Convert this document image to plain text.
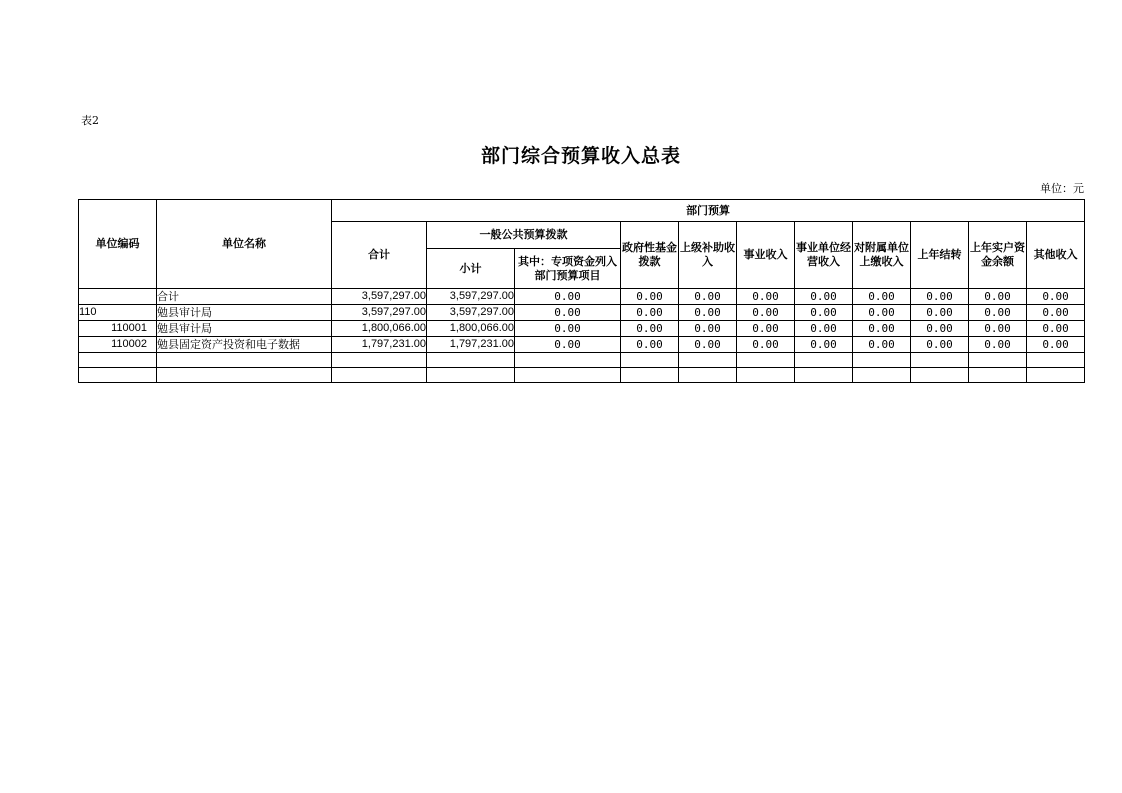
表2
部门综合预算收入总表
单位：元
单位编码	单位名称	部门预算										
		合计	一般公共预算拨款		政府性基金拨款	上级补助收入	事业收入	事业单位经营收入	对附属单位上缴收入	上年结转	上年实户资金余额	其他收入
			小计	其中：专项资金列入部门预算项目								
	合计	3,597,297.00	3,597,297.00	0.00	0.00	0.00	0.00	0.00	0.00	0.00	0.00	0.00
110	勉县审计局	3,597,297.00	3,597,297.00	0.00	0.00	0.00	0.00	0.00	0.00	0.00	0.00	0.00
110001	勉县审计局	1,800,066.00	1,800,066.00	0.00	0.00	0.00	0.00	0.00	0.00	0.00	0.00	0.00
110002	勉县固定资产投资和电子数据	1,797,231.00	1,797,231.00	0.00	0.00	0.00	0.00	0.00	0.00	0.00	0.00	0.00
